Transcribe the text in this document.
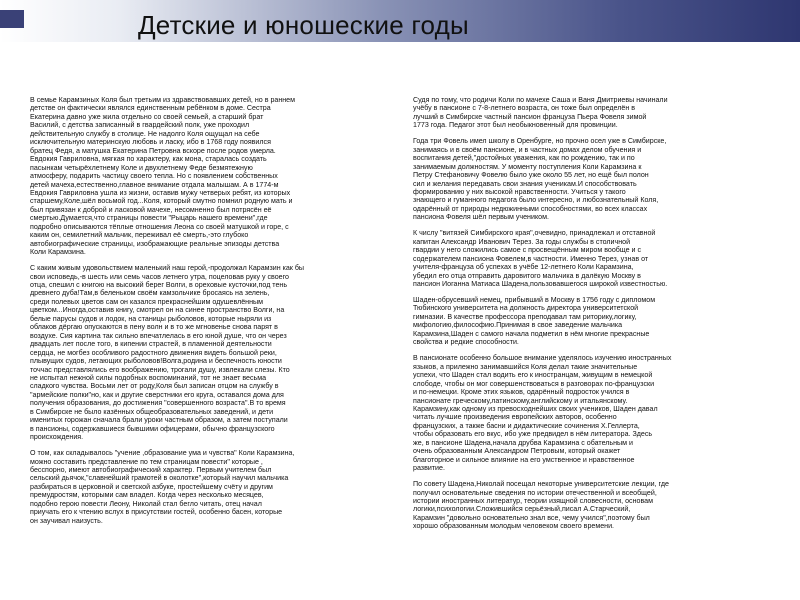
Детские и юношеские годы

В семье Карамзиных Коля был третьим из здравствовавших детей, но в раннем
детстве он фактически являлся единственным ребёнком в доме. Сестра
Екатерина давно уже жила отдельно со своей семьей, а старший брат
Василий, с детства записанный в гвардейский полк, уже проходил
действительную службу в столице. Не надолго Коля ощущал на себе
исключительную материнскую любовь и ласку, ибо в 1768 году появился
братец Федя, а матушка Екатерина Петровна вскоре после родов умерла.
Евдокия Гавриловна, мягкая по характеру, как мона, старалась создать
пасынкам четырёхлетнему Коле и двухлетнему Феде безмятежную
атмосферу, подарить частицу своего тепла. Но с появлением собственных
детей мачеха,естественно,главное внимание отдала малышам. А в 1774-м
Евдокия Гавриловна ушла из жизни, оставив мужу четверых ребят, из которых
старшему,Коле,шёл восьмой год...Коля, который смутно помнил родную мать и
был привязан к доброй и ласковой мачехе, несомненно был потрясён её
смертью.Думается,что страницы повести "Рыцарь нашего времени",где
подробно описываются тёплые отношения Леона со своей матушкой и горе, с
каким он, семилетний мальчик, переживал её смерть,-это глубоко
автобиографические страницы, изображающие реальные эпизоды детства
Коли Карамзина.

С каким живым удовольствием маленький наш герой,-продолжал Карамзин как бы
свои исповедь,-в шесть или семь часов летнего утра, поцеловав руку у своего
отца, спешил с книгою на высокий берег Волги, в ореховые кусточки,под тень
древнего дуба!Там,в беленьком своём камзольчике бросаясь на зелень,
среди полевых цветов сам он казался прекраснейшим одушевлённым
цветком...Иногда,оставив книгу, смотрел он на синее пространство Волги, на
белые парусы судов и лодок, на станицы рыболовов, которые ныряли из
облаков дёргаю опускаются в пену волн и в то же мгновенье снова парят в
воздухе. Сия картина так сильно впечатлелась в его юной душе, что он через
двадцать лет после того, в кипении страстей, в пламенной деятельности
сердца, не могбез особливого радостного движения видеть большой реки,
плывущих судов, летающих рыболовов!Волга,родина и беспечность юности
точчас представлялись его воображению, трогали душу, извлекали слезы. Кто
не испытал нежной силы подобных воспоминаний, тот не знает весьма
сладкого чувства. Восьми лет от роду,Коля был записан отцом на службу в
"армейские полки"но, как и другие сверстники его круга, оставался дома для
получения образования, до достижения "совершенного возраста".В то время
в Симбирске не было казённых общеобразовательных заведений, и дети
именитых горожан сначала брали уроки частным образом, а затем поступали
в пансионы, содержавшиеся бывшими офицерами, обычно французского
происхождения.

О том, как складывалось "учение ,образование ума и чувства" Коли Карамзина,
можно составить представление по тем страницам повести" которые ,
бесспорно, имеют автобиографический характер. Первым учителем был
сельский дьячок,"славнейший грамотей в околотке",который научил мальчика
разбираться в церковной и светской азбуке, простейшему счёту и другим
премудростям, которыми сам владел. Когда через несколько месяцев,
подобно герою повести Леону, Николай стал бегло читать, отец начал
приучать его к чтению вслух в присутствии гостей, особенно басен, которые
он заучивал наизусть.

Судя по тому, что родичи Коли по мачехе Саша и Ваня Дмитриевы начинали
учёбу в пансионе с 7-8-летнего возраста, он тоже был определён в
лучший в Симбирске частный пансион француза Пьера Фовеля зимой
1773 года. Педагог этот был необыкновенный для провинции.

Года три Фовель имел школу в Оренбурге, но прочно осел уже в Симбирске,
занимаясь и в своём пансионе, и в частных домах делом обучения и
воспитания детей,"достойных уважения, как по рождению, так и по
занимаемым должностям. У моменту поступления Коли Карамзина к
Петру Стефановичу Фовелю было уже около 55 лет, но ещё был полон
сил и желания передавать свои знания ученикам.И способствовать
формированию у них высокой нравственности. Учиться у такого
знающего и гуманного педагога было интересно, и любознательный Коля,
одарённый от природы недюжинными способностями, во всех классах
пансиона Фовеля шёл первым учеником.

К числу "витязей Симбирского края",очевидно, принадлежал и отставной
капитан Александр Иванович Терез. За годы службы в столичной
гвардии у него сложились самое с просвещённым миром вообще и с
содержателем пансиона Фовелем,в частности. Именно Терез, узнав от
учителя-француза об успехах в учёбе 12-летнего Коли Карамзина,
убедил его отца отправить даровитого мальчика в далёкую Москву в
пансион Иоганна Матиаса Шадена,пользовавшегося широкой известностью.

Шаден-обрусевший немец, прибывший в Москву в 1756 году с дипломом
Тюбинского университета на должность директора университетской
гимназии. В качестве профессора преподавал там риторику,логику,
мифологию,философию.Принимая в свое заведение мальчика
Карамзина,Шаден с самого начала подметил в нём многие прекрасные
свойства и редкие способности.

В пансионате особенно большое внимание уделялось изучению иностранных
языков, а прилежно занимавшийся Коля делал такие значительные
успехи, что Шаден стал водить его к иностранцам, живущим в немецкой
слободе, чтобы он мог совершенствоваться в разговорах по-французски
и по-немецки. Кроме этих языков, одарённый подросток учился в
пансионате греческому,латинскому,английскому и итальянскому.
Карамзину,как одному из превосходнейших своих учеников, Шаден давал
читать лучшие произведения европейских авторов, особенно
французских, а также басни и дидактические сочинения Х.Геллерта,
чтобы образовать его вкус, ибо уже предвидел в нём литератора. Здесь
же, в пансионе Шадена,начала друбва Карамзина с обательным и
очень образованным Александром Петровым, который окажет
благоторное и сильное влияние на его умственное и нравственное
развитие.

По совету Шадена,Николай посещал некоторые университетские лекции, где
получил основательные сведения по истории отечественной и всеобщей,
истории иностранных литератур, теории изящной словесности, основам
логики,психологии.Сложившийся серьёзный,писал А.Старческий,
Карамзин "довольно основательно знал все, чему учился",поэтому был
хорошо образованным молодым человеком своего времени.
